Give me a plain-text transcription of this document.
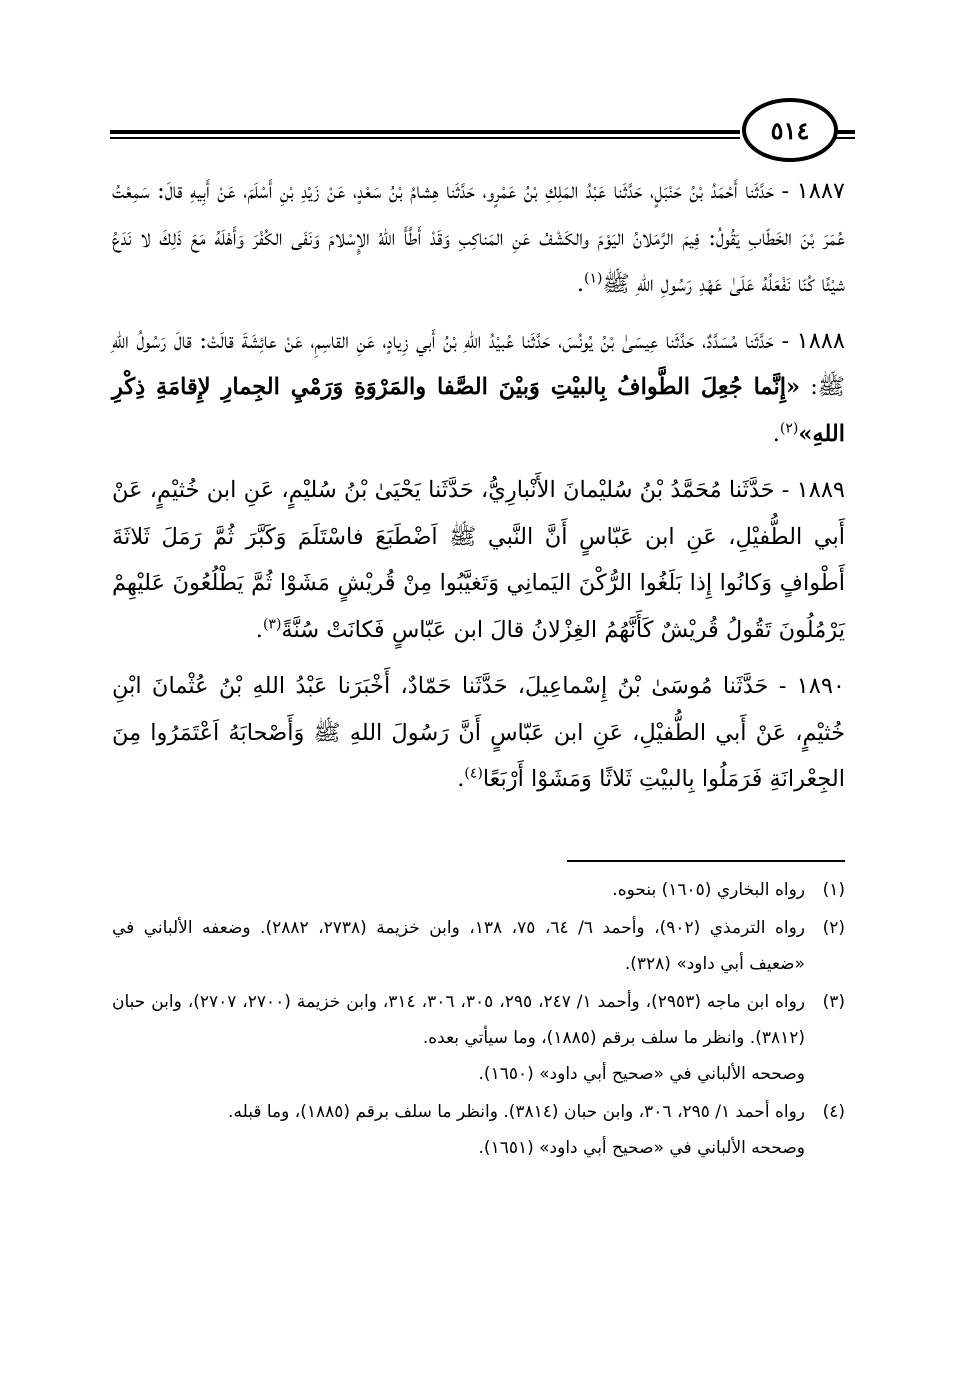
٥١٤

١٨٨٧ - حَدَّثَنا أَحْمَدُ بْنُ حَنْبَلٍ، حَدَّثَنا عَبْدُ المَلِكِ بْنُ عَمْرٍو، حَدَّثَنا هِشامُ بْنُ سَعْدٍ، عَنْ زَيْدِ بْنِ أَسْلَمَ، عَنْ أَبِيهِ قالَ: سَمِعْتُ عُمَرَ بْنَ الخَطّابِ يَقُولُ: فِيمَ الرَّمَلانُ اليَوْمَ والكَشْفُ عَنِ المَناكِبِ وَقَدْ أَطَّأَ اللهُ الإِسْلامَ وَنَفَى الكُفْرَ وَأَهْلَهُ مَعَ ذَلِكَ لا نَدَعُ شيْئًا كُنّا نَفْعَلُهُ عَلَىٰ عَهْدِ رَسُولِ اللهِ ﷺ$^{(١)}$.

١٨٨٨ - حَدَّثَنا مُسَدَّدٌ، حَدَّثَنا عِيسَىٰ بْنُ يُونُسَ، حَدَّثَنا عُبيْدُ اللهِ بْنُ أَبي زِيادٍ، عَنِ القاسِمِ، عَنْ عائِشَةَ قالَتْ: قالَ رَسُولُ اللهِ ﷺ: «إِنَّما جُعِلَ الطَّوافُ بِالبيْتِ وَبيْنَ الصَّفا والمَرْوَةِ وَرَمْيِ الجِمارِ لإِقامَةِ ذِكْرِ اللهِ»$^{(٢)}$.

١٨٨٩ - حَدَّثَنا مُحَمَّدُ بْنُ سُليْمانَ الأَنْبارِيُّ، حَدَّثَنا يَحْيَىٰ بْنُ سُليْمٍ، عَنِ ابن خُثيْمٍ، عَنْ أَبي الطُّفيْلِ، عَنِ ابن عَبّاسٍ أَنَّ النَّبي ﷺ اَضْطَبَعَ فاسْتَلَمَ وَكَبَّرَ ثُمَّ رَمَلَ ثَلاثَةَ أَطْوافٍ وَكانُوا إِذا بَلَغُوا الرُّكْنَ اليَمانِي وَتَغيَّبُوا مِنْ قُريْشٍ مَشَوْا ثُمَّ يَطْلُعُونَ عَليْهِمْ يَرْمُلُونَ تَقُولُ قُريْشٌ كَأَنَّهُمُ الغِزْلانُ قالَ ابن عَبّاسٍ فَكانَتْ سُنَّةً$^{(٣)}$.

١٨٩٠ - حَدَّثَنا مُوسَىٰ بْنُ إِسْماعِيلَ، حَدَّثَنا حَمّادٌ، أَخْبَرَنا عَبْدُ اللهِ بْنُ عُثْمانَ ابْنِ خُثيْمٍ، عَنْ أَبي الطُّفيْلِ، عَنِ ابن عَبّاسٍ أَنَّ رَسُولَ اللهِ ﷺ وَأَصْحابَهُ اَعْتَمَرُوا مِنَ الجِعْرانَةِ فَرَمَلُوا بِالبيْتِ ثَلاثًا وَمَشَوْا أَرْبَعًا$^{(٤)}$.

(١)
رواه البخاري (١٦٠٥) بنحوه.
(٢)
رواه الترمذي (٩٠٢)، وأحمد ٦/ ٦٤، ٧٥، ١٣٨، وابن خزيمة (٢٧٣٨، ٢٨٨٢). وضعفه الألباني في «ضعيف أبي داود» (٣٢٨).
(٣)
رواه ابن ماجه (٢٩٥٣)، وأحمد ١/ ٢٤٧، ٢٩٥، ٣٠٥، ٣٠٦، ٣١٤، وابن خزيمة (٢٧٠٠، ٢٧٠٧)، وابن حبان (٣٨١٢). وانظر ما سلف برقم (١٨٨٥)، وما سيأتي بعده.
وصححه الألباني في «صحيح أبي داود» (١٦٥٠).
(٤)
رواه أحمد ١/ ٢٩٥، ٣٠٦، وابن حبان (٣٨١٤). وانظر ما سلف برقم (١٨٨٥)، وما قبله.
وصححه الألباني في «صحيح أبي داود» (١٦٥١).
